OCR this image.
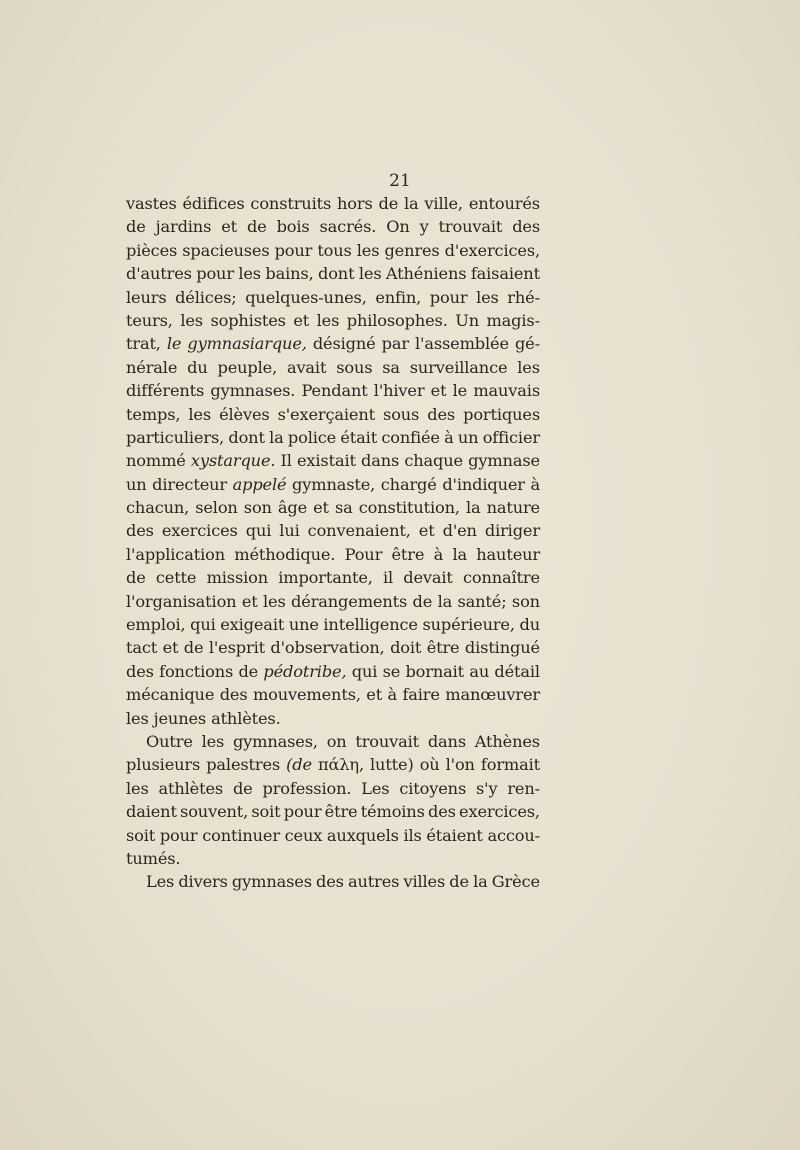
21
vastes édifices construits hors de la ville, entourés
de jardins et de bois sacrés. On y trouvait des
pièces spacieuses pour tous les genres d'exercices,
d'autres pour les bains, dont les Athéniens faisaient
leurs délices; quelques-unes, enfin, pour les rhé-
teurs, les sophistes et les philosophes. Un magis-
trat, le gymnasiarque, désigné par l'assemblée gé-
nérale du peuple, avait sous sa surveillance les
différents gymnases. Pendant l'hiver et le mauvais
temps, les élèves s'exerçaient sous des portiques
particuliers, dont la police était confiée à un officier
nommé xystarque. Il existait dans chaque gymnase
un directeur appelé gymnaste, chargé d'indiquer à
chacun, selon son âge et sa constitution, la nature
des exercices qui lui convenaient, et d'en diriger
l'application méthodique. Pour être à la hauteur
de cette mission importante, il devait connaître
l'organisation et les dérangements de la santé; son
emploi, qui exigeait une intelligence supérieure, du
tact et de l'esprit d'observation, doit être distingué
des fonctions de pédotribe, qui se bornait au détail
mécanique des mouvements, et à faire manœuvrer
les jeunes athlètes.
Outre les gymnases, on trouvait dans Athènes
plusieurs palestres (de πάλη, lutte) où l'on formait
les athlètes de profession. Les citoyens s'y ren-
daient souvent, soit pour être témoins des exercices,
soit pour continuer ceux auxquels ils étaient accou-
tumés.
Les divers gymnases des autres villes de la Grèce
